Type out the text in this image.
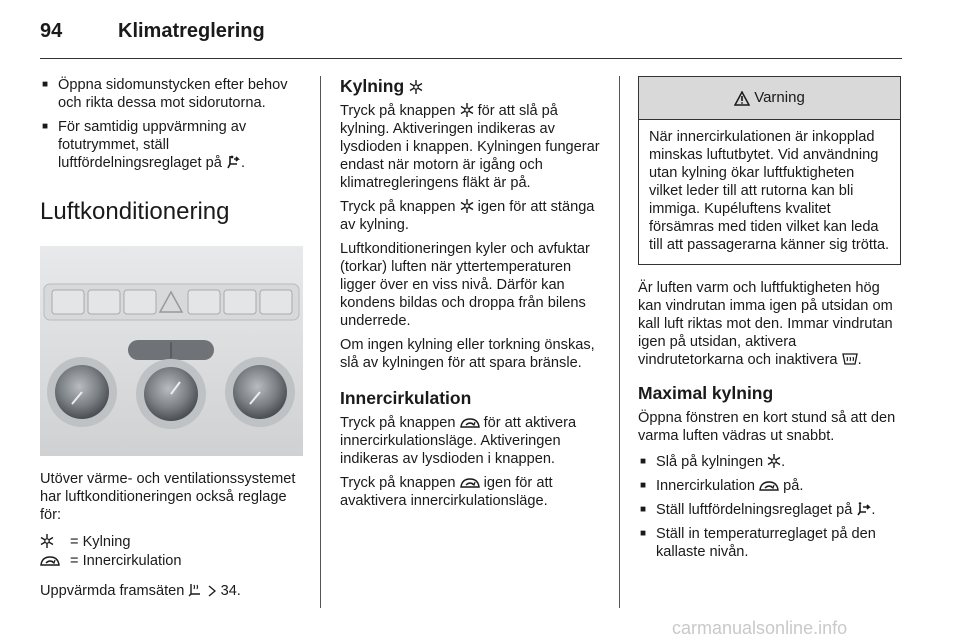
94	Klimatreglering
■ Öppna sidomunstycken efter behov och rikta dessa mot sidorutorna.
■ För samtidig uppvärmning av fotutrymmet, ställ luftfördelningsreglaget på .
Luftkonditionering

Utöver värme- och ventilationssystemet har luftkonditioneringen också reglage för:

= Kylning
= Innercirkulation

Uppvärmda framsäten 34.

Kylning

Tryck på knappen för att slå på kylning. Aktiveringen indikeras av lysdioden i knappen. Kylningen fungerar endast när motorn är igång och klimatregleringens fläkt är på.

Tryck på knappen igen för att stänga av kylning.

Luftkonditioneringen kyler och avfuktar (torkar) luften när yttertemperaturen ligger över en viss nivå. Därför kan kondens bildas och droppa från bilens underrede.

Om ingen kylning eller torkning önskas, slå av kylningen för att spara bränsle.

Innercirkulation

Tryck på knappen för att aktivera innercirkulationsläge. Aktiveringen indikeras av lysdioden i knappen.

Tryck på knappen igen för att avaktivera innercirkulationsläge.

Varning

När innercirkulationen är inkopplad minskas luftutbytet. Vid användning utan kylning ökar luftfuktigheten vilket leder till att rutorna kan bli immiga. Kupéluftens kvalitet försämras med tiden vilket kan leda till att passagerarna känner sig trötta.

Är luften varm och luftfuktigheten hög kan vindrutan imma igen på utsidan om kall luft riktas mot den. Immar vindrutan igen på utsidan, aktivera vindrutetorkarna och inaktivera .

Maximal kylning

Öppna fönstren en kort stund så att den varma luften vädras ut snabbt.

■ Slå på kylningen .
■ Innercirkulation på.
■ Ställ luftfördelningsreglaget på .
■ Ställ in temperaturreglaget på den kallaste nivån.
carmanualsonline.info
